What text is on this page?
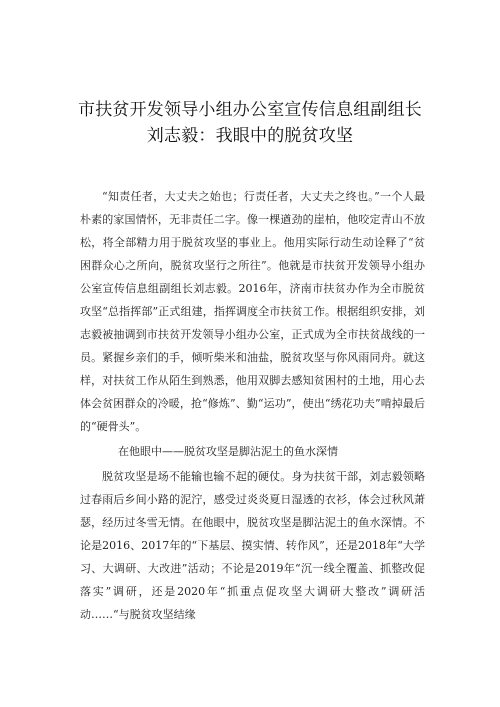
市扶贫开发领导小组办公室宣传信息组副组长
刘志毅：我眼中的脱贫攻坚

“知责任者，大丈夫之始也；行责任者，大丈夫之终也。”一个人最朴素的家国情怀，无非责任二字。像一棵遒劲的崖柏，他咬定青山不放松，将全部精力用于脱贫攻坚的事业上。他用实际行动生动诠释了“贫困群众心之所向，脱贫攻坚行之所往”。他就是市扶贫开发领导小组办公室宣传信息组副组长刘志毅。2016年，济南市扶贫办作为全市脱贫攻坚“总指挥部”正式组建，指挥调度全市扶贫工作。根据组织安排，刘志毅被抽调到市扶贫开发领导小组办公室，正式成为全市扶贫战线的一员。紧握乡亲们的手，倾听柴米和油盐，脱贫攻坚与你风雨同舟。就这样，对扶贫工作从陌生到熟悉，他用双脚去感知贫困村的土地，用心去体会贫困群众的冷暖，抢“修炼”、勤“运功”，使出“绣花功夫”啃掉最后的“硬骨头”。

在他眼中——脱贫攻坚是脚沾泥土的鱼水深情

脱贫攻坚是场不能输也输不起的硬仗。身为扶贫干部，刘志毅领略过春雨后乡间小路的泥泞，感受过炎炎夏日湿透的衣衫，体会过秋风萧瑟，经历过冬雪无情。在他眼中，脱贫攻坚是脚沾泥土的鱼水深情。不论是2016、2017年的“下基层、摸实情、转作风”，还是2018年“大学习、大调研、大改进”活动；不论是2019年“沉一线全覆盖、抓整改促落实”调研，还是2020年“抓重点促攻坚大调研大整改”调研活动……“与脱贫攻坚结缘
